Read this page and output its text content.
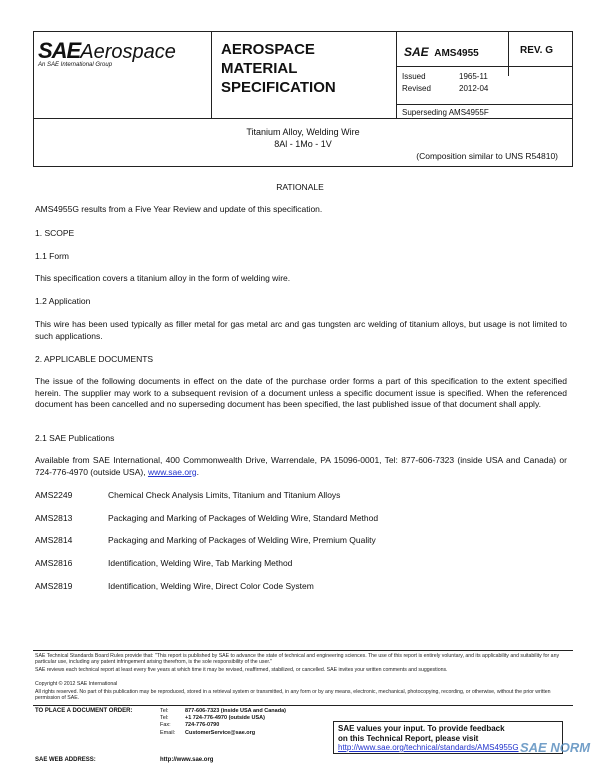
SAEAerospace
An SAE International Group
AEROSPACE
MATERIAL
SPECIFICATION
SAE AMS4955	REV. G
Issued	1965-11
Revised	2012-04
Superseding AMS4955F
Titanium Alloy, Welding Wire
8Al - 1Mo - 1V
(Composition similar to UNS R54810)
RATIONALE
AMS4955G results from a Five Year Review and update of this specification.
1. SCOPE
1.1 Form
This specification covers a titanium alloy in the form of welding wire.
1.2 Application
This wire has been used typically as filler metal for gas metal arc and gas tungsten arc welding of titanium alloys, but usage is not limited to such applications.
2. APPLICABLE DOCUMENTS
The issue of the following documents in effect on the date of the purchase order forms a part of this specification to the extent specified herein. The supplier may work to a subsequent revision of a document unless a specific document issue is specified. When the referenced document has been cancelled and no superseding document has been specified, the last published issue of that document shall apply.
2.1 SAE Publications
Available from SAE International, 400 Commonwealth Drive, Warrendale, PA 15096-0001, Tel: 877-606-7323 (inside USA and Canada) or 724-776-4970 (outside USA), www.sae.org.
AMS2249	Chemical Check Analysis Limits, Titanium and Titanium Alloys
AMS2813	Packaging and Marking of Packages of Welding Wire, Standard Method
AMS2814	Packaging and Marking of Packages of Welding Wire, Premium Quality
AMS2816	Identification, Welding Wire, Tab Marking Method
AMS2819	Identification, Welding Wire, Direct Color Code System
SAE Technical Standards Board Rules provide that: "This report is published by SAE to advance the state of technical and engineering sciences. The use of this report is entirely voluntary, and its applicability and suitability for any particular use, including any patent infringement arising therefrom, is the sole responsibility of the user."
SAE reviews each technical report at least every five years at which time it may be revised, reaffirmed, stabilized, or cancelled. SAE invites your written comments and suggestions.
Copyright © 2012 SAE International
All rights reserved. No part of this publication may be reproduced, stored in a retrieval system or transmitted, in any form or by any means, electronic, mechanical, photocopying, recording, or otherwise, without the prior written permission of SAE.
TO PLACE A DOCUMENT ORDER:	Tel:	877-606-7323 (inside USA and Canada)
Tel:	+1 724-776-4970 (outside USA)
Fax:	724-776-0790
Email: CustomerService@sae.org
SAE WEB ADDRESS:	http://www.sae.org
SAE values your input. To provide feedback
on this Technical Report, please visit
http://www.sae.org/technical/standards/AMS4955G SAE NORM
